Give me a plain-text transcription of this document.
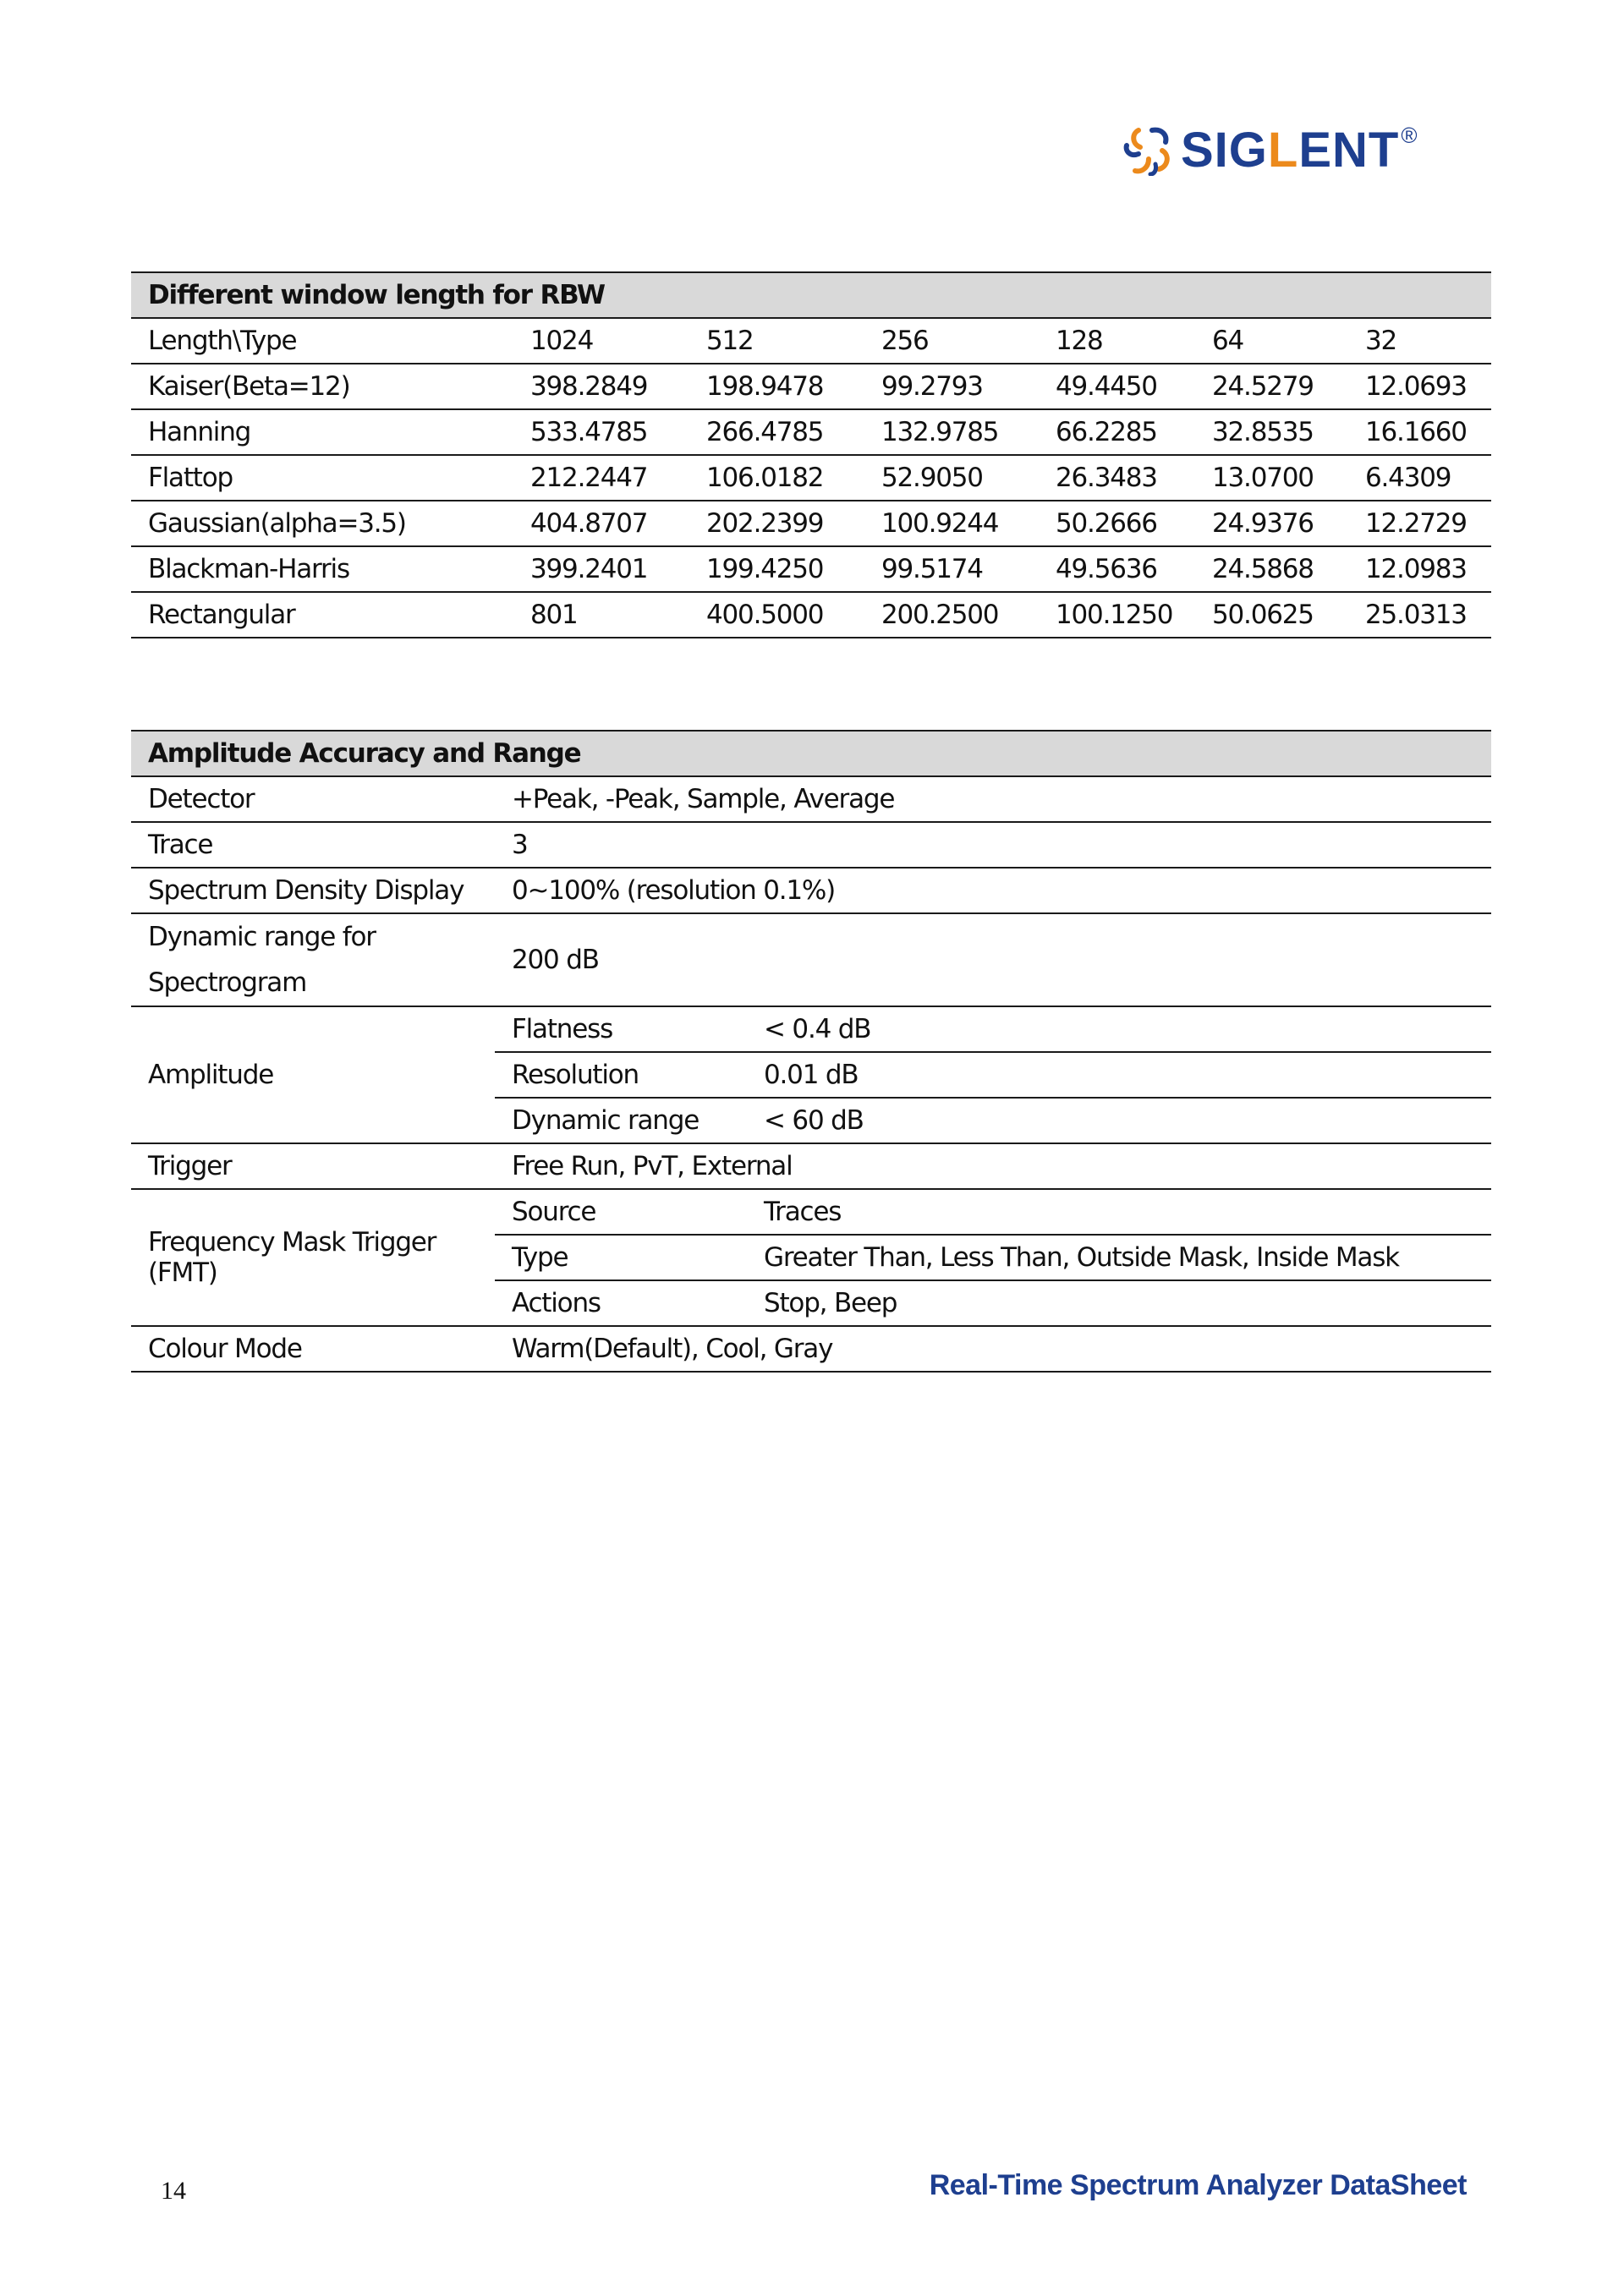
SIGLENT ®
Different window length for RBW						
Length\Type	1024	512	256	128	64	32
Kaiser(Beta=12)	398.2849	198.9478	99.2793	49.4450	24.5279	12.0693
Hanning	533.4785	266.4785	132.9785	66.2285	32.8535	16.1660
Flattop	212.2447	106.0182	52.9050	26.3483	13.0700	6.4309
Gaussian(alpha=3.5)	404.8707	202.2399	100.9244	50.2666	24.9376	12.2729
Blackman-Harris	399.2401	199.4250	99.5174	49.5636	24.5868	12.0983
Rectangular	801	400.5000	200.2500	100.1250	50.0625	25.0313
Amplitude Accuracy and Range		
Detector	+Peak, -Peak, Sample, Average	
Trace	3	
Spectrum Density Display	0~100% (resolution 0.1%)	
Dynamic range for
Spectrogram	200 dB	
Amplitude	Flatness	< 0.4 dB
	Resolution	0.01 dB
	Dynamic range	< 60 dB
Trigger	Free Run, PvT, External	
Frequency Mask Trigger
(FMT)	Source	Traces
	Type	Greater Than, Less Than, Outside Mask, Inside Mask
	Actions	Stop, Beep
Colour Mode	Warm(Default), Cool, Gray	
14	Real-Time Spectrum Analyzer DataSheet
